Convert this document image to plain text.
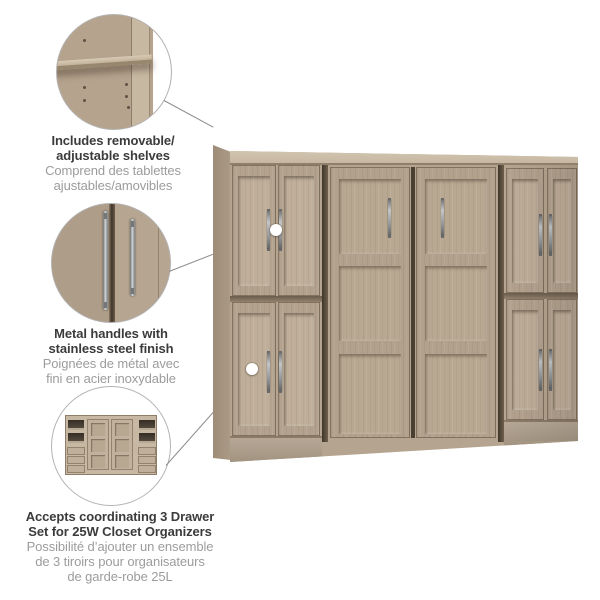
Includes removable/
adjustable shelves
Comprend des tablettes
ajustables/amovibles
Metal handles with
stainless steel finish
Poignées de métal avec
fini en acier inoxydable
Accepts coordinating 3 Drawer
Set for 25W Closet Organizers
Possibilité d’ajouter un ensemble
de 3 tiroirs pour organisateurs
de garde-robe 25L
